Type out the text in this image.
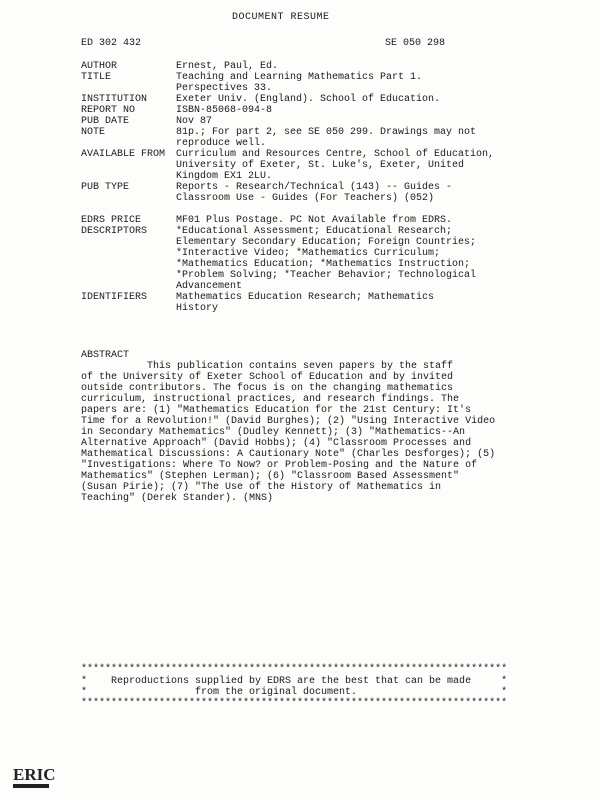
DOCUMENT RESUME
ED 302 432	SE 050 298
AUTHOR	Ernest, Paul, Ed.
TITLE	Teaching and Learning Mathematics Part 1.
Perspectives 33.
INSTITUTION	Exeter Univ. (England). School of Education.
REPORT NO	ISBN-85068-094-8
PUB DATE	Nov 87
NOTE	81p.; For part 2, see SE 050 299. Drawings may not
reproduce well.
AVAILABLE FROM	Curriculum and Resources Centre, School of Education,
University of Exeter, St. Luke's, Exeter, United
Kingdom EX1 2LU.
PUB TYPE	Reports - Research/Technical (143) -- Guides -
Classroom Use - Guides (For Teachers) (052)
EDRS PRICE	MF01 Plus Postage. PC Not Available from EDRS.
DESCRIPTORS	*Educational Assessment; Educational Research;
Elementary Secondary Education; Foreign Countries;
*Interactive Video; *Mathematics Curriculum;
*Mathematics Education; *Mathematics Instruction;
*Problem Solving; *Teacher Behavior; Technological
Advancement
IDENTIFIERS	Mathematics Education Research; Mathematics
History
ABSTRACT
This publication contains seven papers by the staff
of the University of Exeter School of Education and by invited
outside contributors. The focus is on the changing mathematics
curriculum, instructional practices, and research findings. The
papers are: (1) "Mathematics Education for the 21st Century: It's
Time for a Revolution!" (David Burghes); (2) "Using Interactive Video
in Secondary Mathematics" (Dudley Kennett); (3) "Mathematics--An
Alternative Approach" (David Hobbs); (4) "Classroom Processes and
Mathematical Discussions: A Cautionary Note" (Charles Desforges); (5)
"Investigations: Where To Now? or Problem-Posing and the Nature of
Mathematics" (Stephen Lerman); (6) "Classroom Based Assessment"
(Susan Pirie); (7) "The Use of the History of Mathematics in
Teaching" (Derek Stander). (MNS)
***********************************************************************
*    Reproductions supplied by EDRS are the best that can be made     *
*                  from the original document.                        *
***********************************************************************
ERIC
